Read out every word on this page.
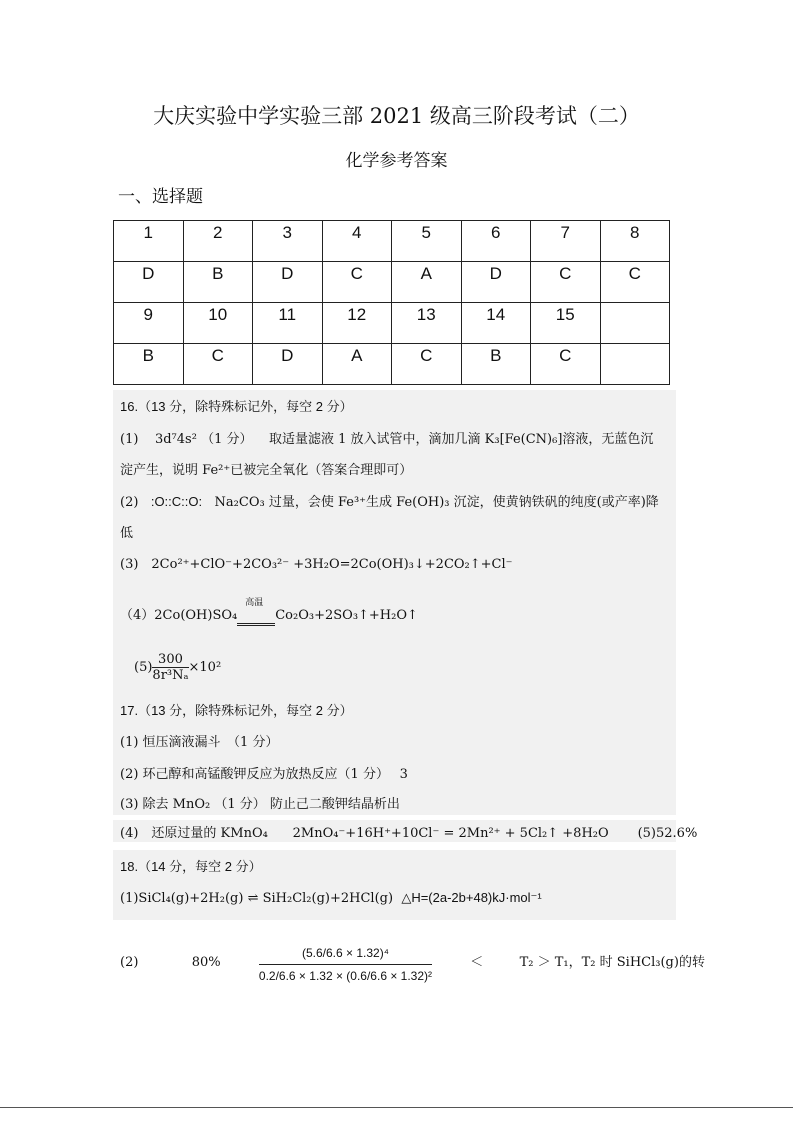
大庆实验中学实验三部 2021 级高三阶段考试（二）
化学参考答案
一、选择题
1	2	3	4	5	6	7	8
D	B	D	C	A	D	C	C
9	10	11	12	13	14	15	
B	C	D	A	C	B	C	
16.（13 分，除特殊标记外，每空 2 分）
(1) 3d⁷4s² （1 分） 取适量滤液 1 放入试管中，滴加几滴 K₃[Fe(CN)₆]溶液，无蓝色沉
淀产生，说明 Fe²⁺已被完全氧化（答案合理即可）
(2) :O::C::O: Na₂CO₃ 过量，会使 Fe³⁺生成 Fe(OH)₃ 沉淀，使黄钠铁矾的纯度(或产率)降
低
(3)　2Co²⁺+ClO⁻+2CO₃²⁻ +3H₂O=2Co(OH)₃↓+2CO₂↑+Cl⁻
（4）2Co(OH)SO₄
高温
Co₂O₃+2SO₃↑+H₂O↑
$(5) \frac{300}{\text{8r³Nₐ}} \times 10^2$
17.（13 分，除特殊标记外，每空 2 分）
(1) 恒压滴液漏斗　（1 分）
(2) 环己醇和高锰酸钾反应为放热反应（1 分）　 3
(3) 除去 MnO₂ （1 分） 防止己二酸钾结晶析出
(4)　还原过量的 KMnO₄ 2MnO₄⁻+16H⁺+10Cl⁻ = 2Mn²⁺ + 5Cl₂↑ +8H₂O (5)52.6%
18.（14 分，每空 2 分）
(1)SiCl₄(g)+2H₂(g) ⇌ SiH₂Cl₂(g)+2HCl(g) △H=(2a-2b+48)kJ·mol⁻¹
(2)	80%	$\frac{\text{(5.6/6.6 × 1.32)⁴}}{\text{0.2/6.6 × 1.32 × (0.6/6.6 × 1.32)²}}$	＜	T₂ ＞ T₁，T₂ 时 SiHCl₃(g)的转
